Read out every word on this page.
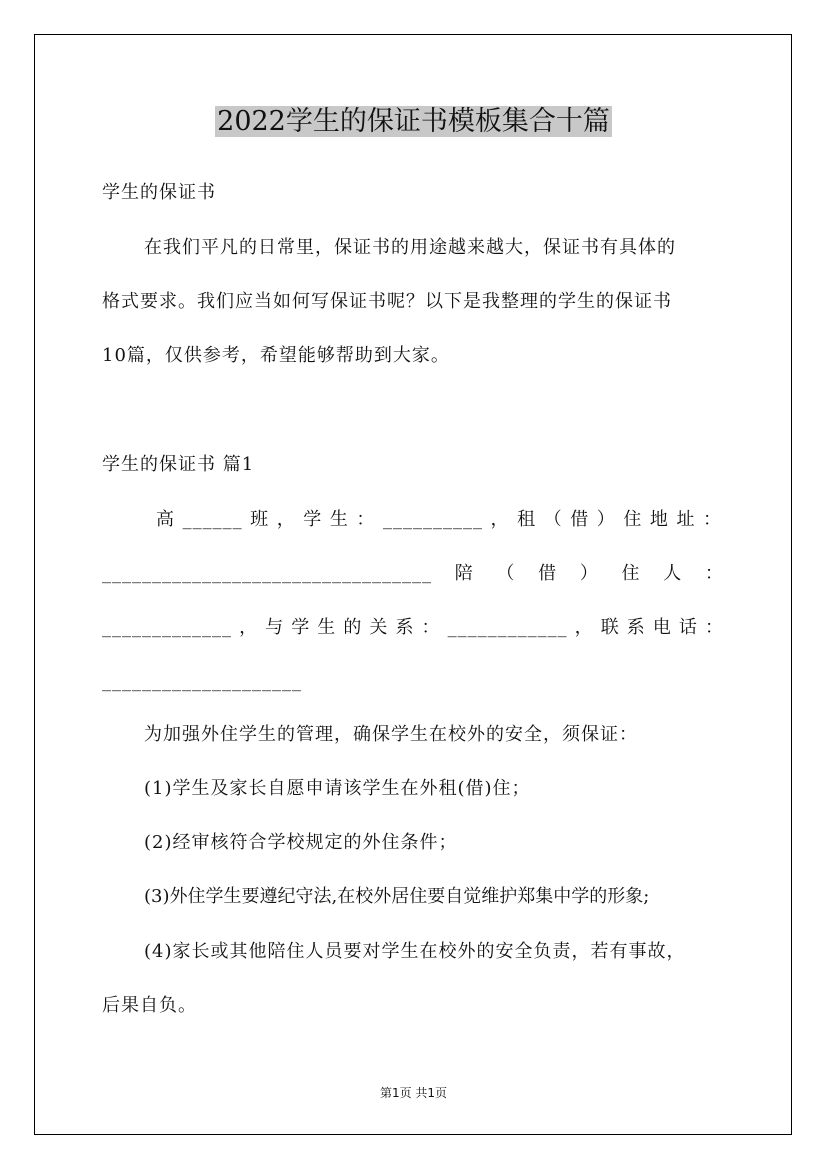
2022学生的保证书模板集合十篇
学生的保证书
在我们平凡的日常里，保证书的用途越来越大，保证书有具体的
格式要求。我们应当如何写保证书呢？以下是我整理的学生的保证书
10篇，仅供参考，希望能够帮助到大家。
学生的保证书 篇1
高 ______ 班 ， 学 生 ： __________ ， 租 （ 借 ） 住 地 址 ：
_________________________________ 陪 （ 借 ） 住 人 ：
_____________ ， 与 学 生 的 关 系 ： ____________ ， 联 系 电 话 ：
____________________
为加强外住学生的管理，确保学生在校外的安全，须保证：
(1)学生及家长自愿申请该学生在外租(借)住；
(2)经审核符合学校规定的外住条件；
(3)外住学生要遵纪守法,在校外居住要自觉维护郑集中学的形象;
(4)家长或其他陪住人员要对学生在校外的安全负责，若有事故，
后果自负。
第1页 共1页
